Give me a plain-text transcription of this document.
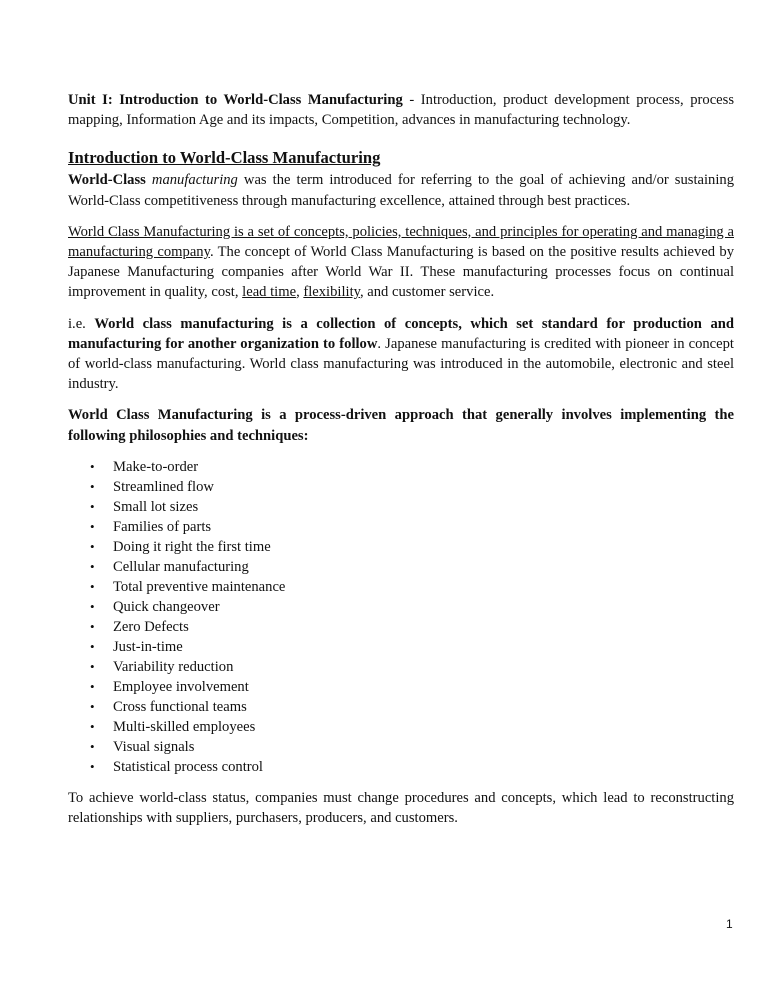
Unit I: Introduction to World-Class Manufacturing - Introduction, product development process, process mapping, Information Age and its impacts, Competition, advances in manufacturing technology.

Introduction to World-Class Manufacturing

World-Class manufacturing was the term introduced for referring to the goal of achieving and/or sustaining World-Class competitiveness through manufacturing excellence, attained through best practices.

World Class Manufacturing is a set of concepts, policies, techniques, and principles for operating and managing a manufacturing company. The concept of World Class Manufacturing is based on the positive results achieved by Japanese Manufacturing companies after World War II. These manufacturing processes focus on continual improvement in quality, cost, lead time, flexibility, and customer service.

i.e. World class manufacturing is a collection of concepts, which set standard for production and manufacturing for another organization to follow. Japanese manufacturing is credited with pioneer in concept of world-class manufacturing. World class manufacturing was introduced in the automobile, electronic and steel industry.

World Class Manufacturing is a process-driven approach that generally involves implementing the following philosophies and techniques:

• Make-to-order
• Streamlined flow
• Small lot sizes
• Families of parts
• Doing it right the first time
• Cellular manufacturing
• Total preventive maintenance
• Quick changeover
• Zero Defects
• Just-in-time
• Variability reduction
• Employee involvement
• Cross functional teams
• Multi-skilled employees
• Visual signals
• Statistical process control

To achieve world-class status, companies must change procedures and concepts, which lead to reconstructing relationships with suppliers, purchasers, producers, and customers.

1
